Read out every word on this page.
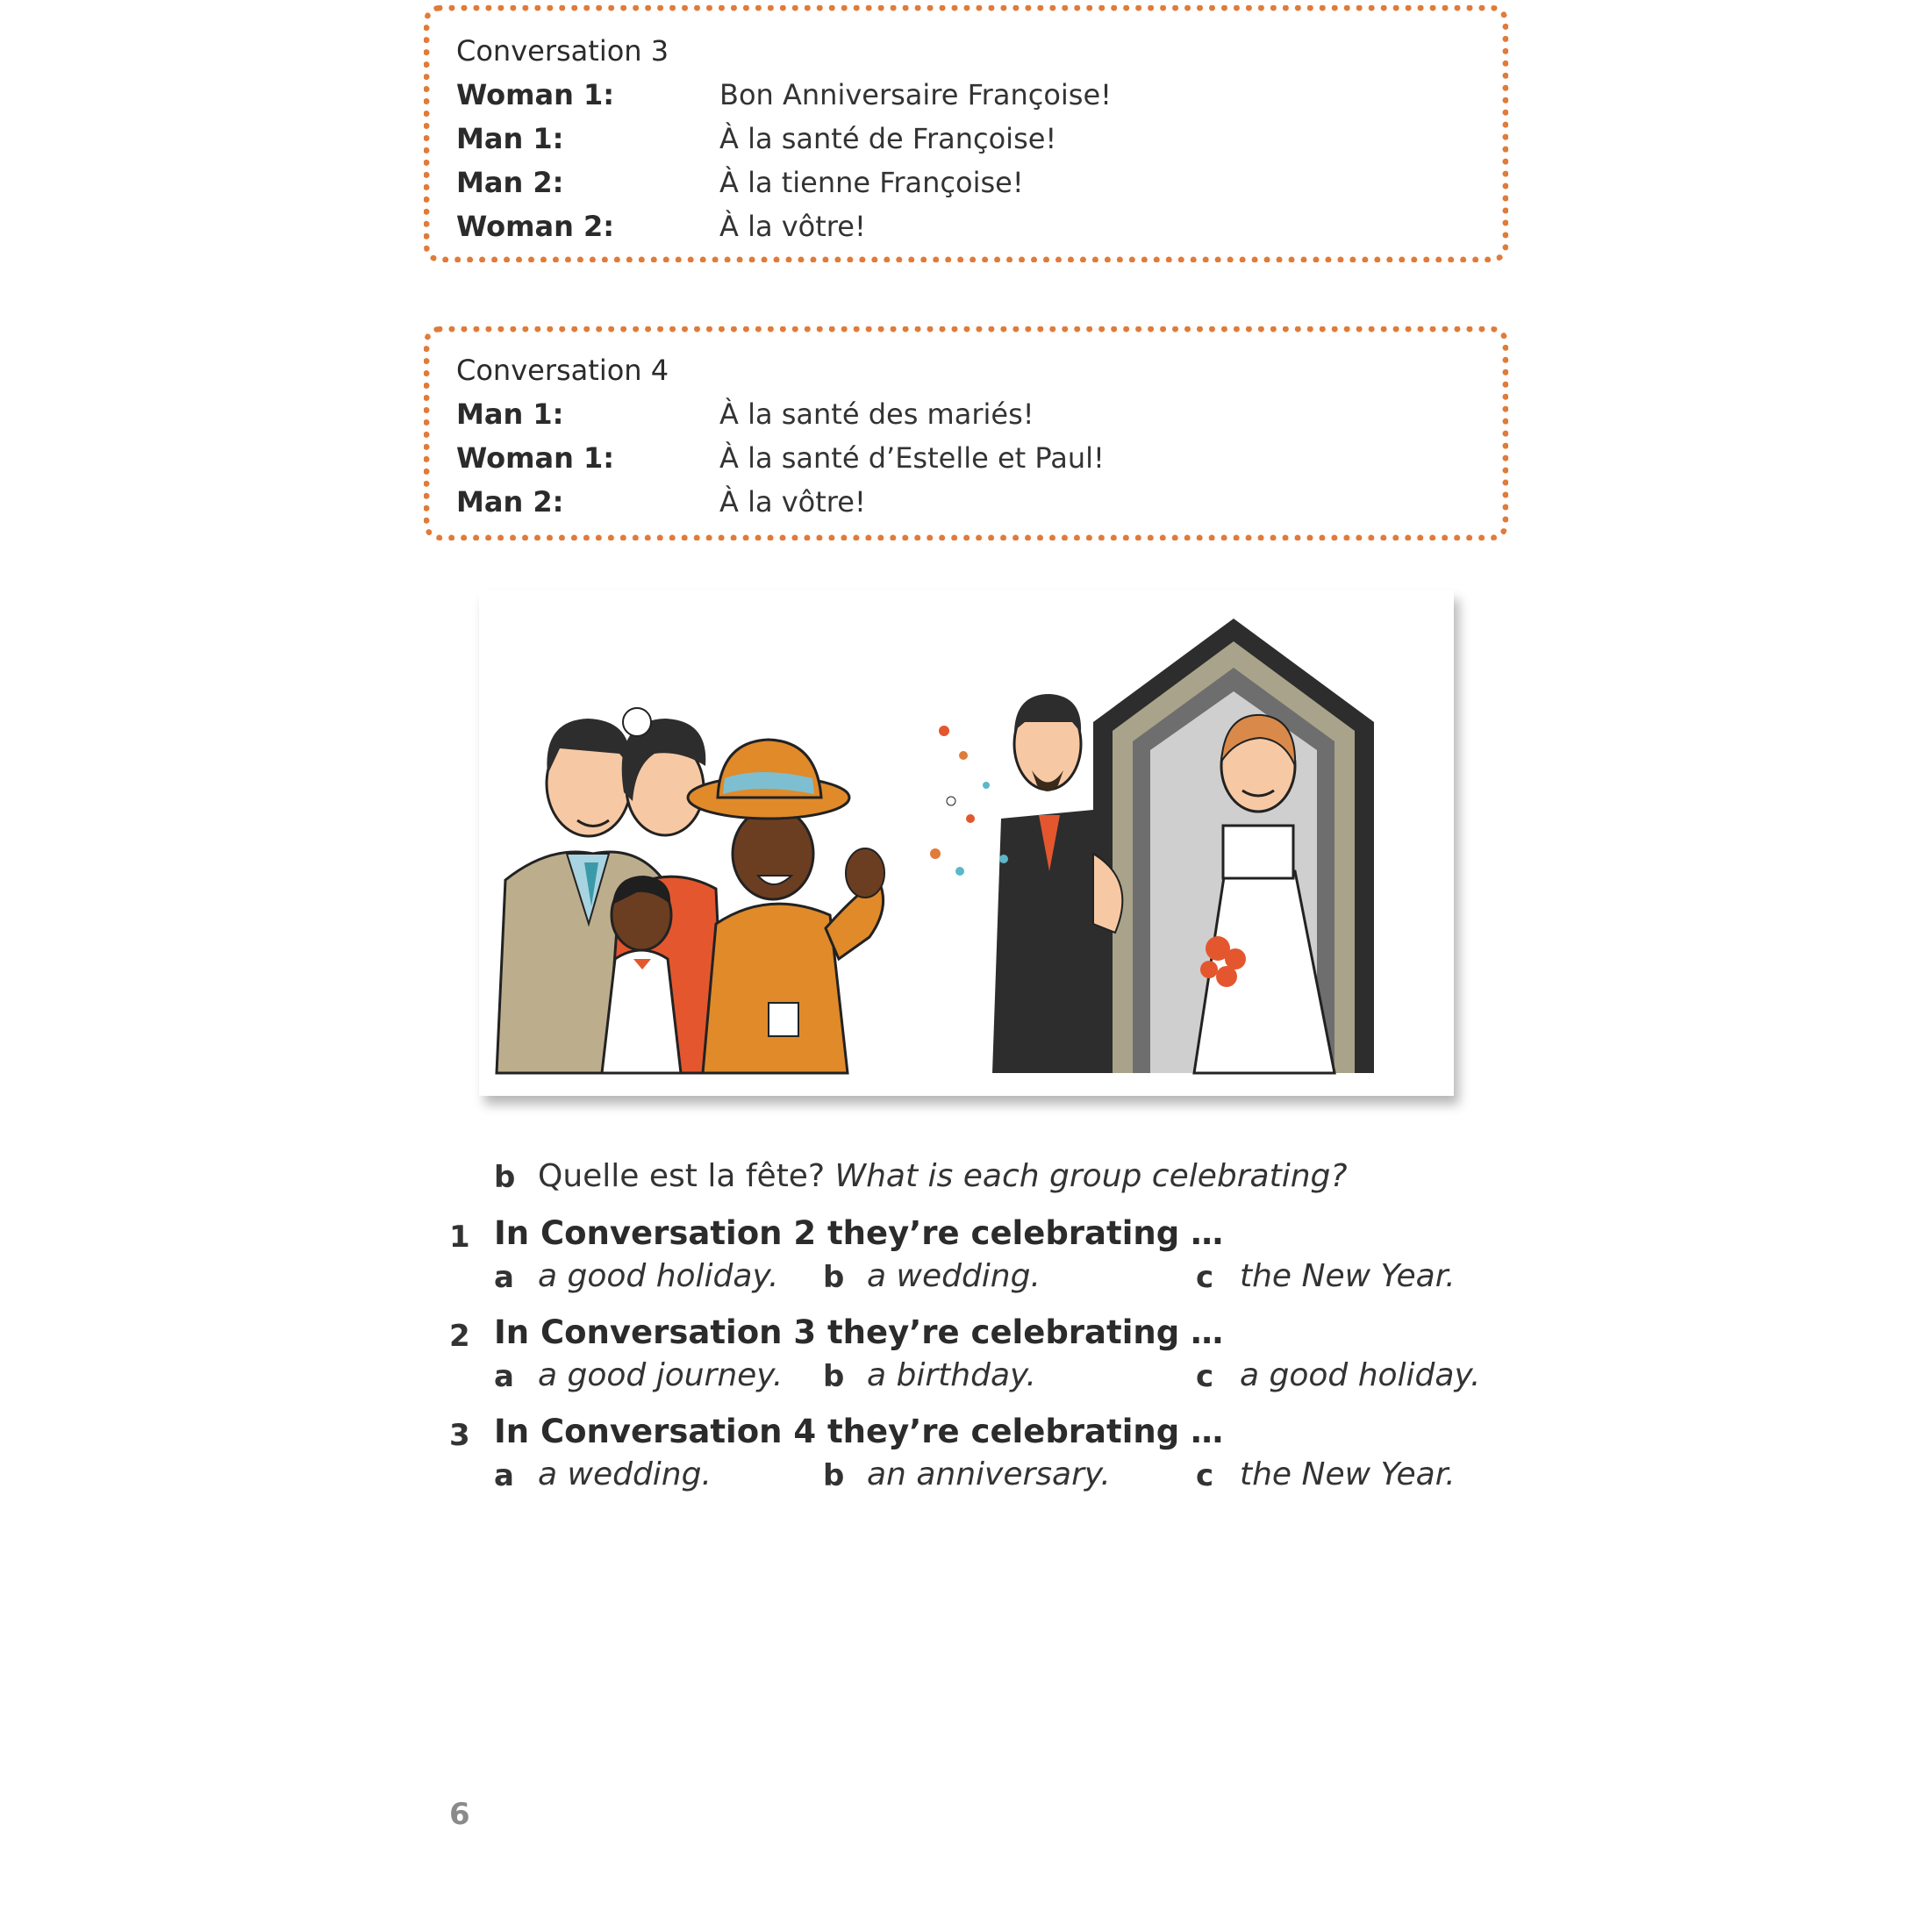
Conversation 3
Woman 1:	Bon Anniversaire Françoise!
Man 1:	À la santé de Françoise!
Man 2:	À la tienne Françoise!
Woman 2:	À la vôtre!
Conversation 4
Man 1:	À la santé des mariés!
Woman 1:	À la santé d’Estelle et Paul!
Man 2:	À la vôtre!
b Quelle est la fête? What is each group celebrating?
1 In Conversation 2 they’re celebrating …
a a good holiday. b a wedding.	c the New Year.
2 In Conversation 3 they’re celebrating …
a a good journey. b a birthday.	c a good holiday.
3 In Conversation 4 they’re celebrating …
a a wedding.	b an anniversary.	c the New Year.
6
